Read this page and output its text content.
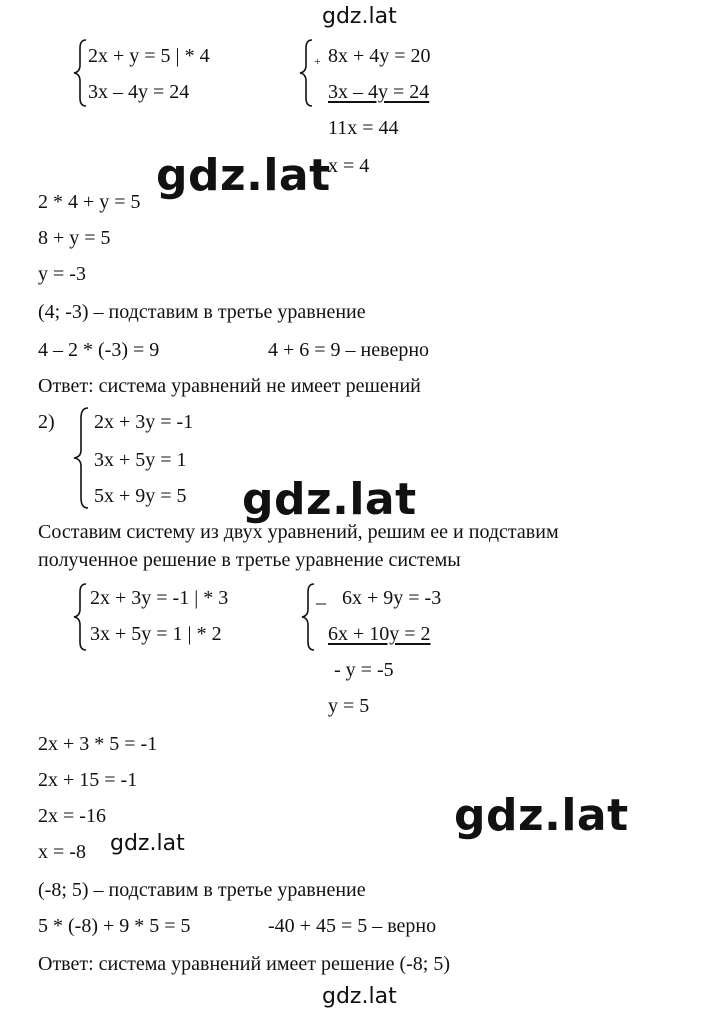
gdz.lat
gdz.lat
gdz.lat
gdz.lat
gdz.lat
gdz.lat
2x + y = 5 | * 4
3x – 4y = 24
+ 8x + 4y = 20
3x – 4y = 24
11x = 44
x = 4
2 * 4 + y = 5
8 + y = 5
y = -3
(4; -3) – подставим в третье уравнение
4 – 2 * (-3) = 9	4 + 6 = 9 – неверно
Ответ: система уравнений не имеет решений
2) 2x + 3y = -1
3x + 5y = 1
5x + 9y = 5
Составим систему из двух уравнений, решим ее и подставим
полученное решение в третье уравнение системы
2x + 3y = -1 | * 3
3x + 5y = 1 | * 2
_ 6x + 9y = -3
6x + 10y = 2
- y = -5
y = 5
2x + 3 * 5 = -1
2x + 15 = -1
2x = -16
x = -8
(-8; 5) – подставим в третье уравнение
5 * (-8) + 9 * 5 = 5	-40 + 45 = 5 – верно
Ответ: система уравнений имеет решение (-8; 5)
